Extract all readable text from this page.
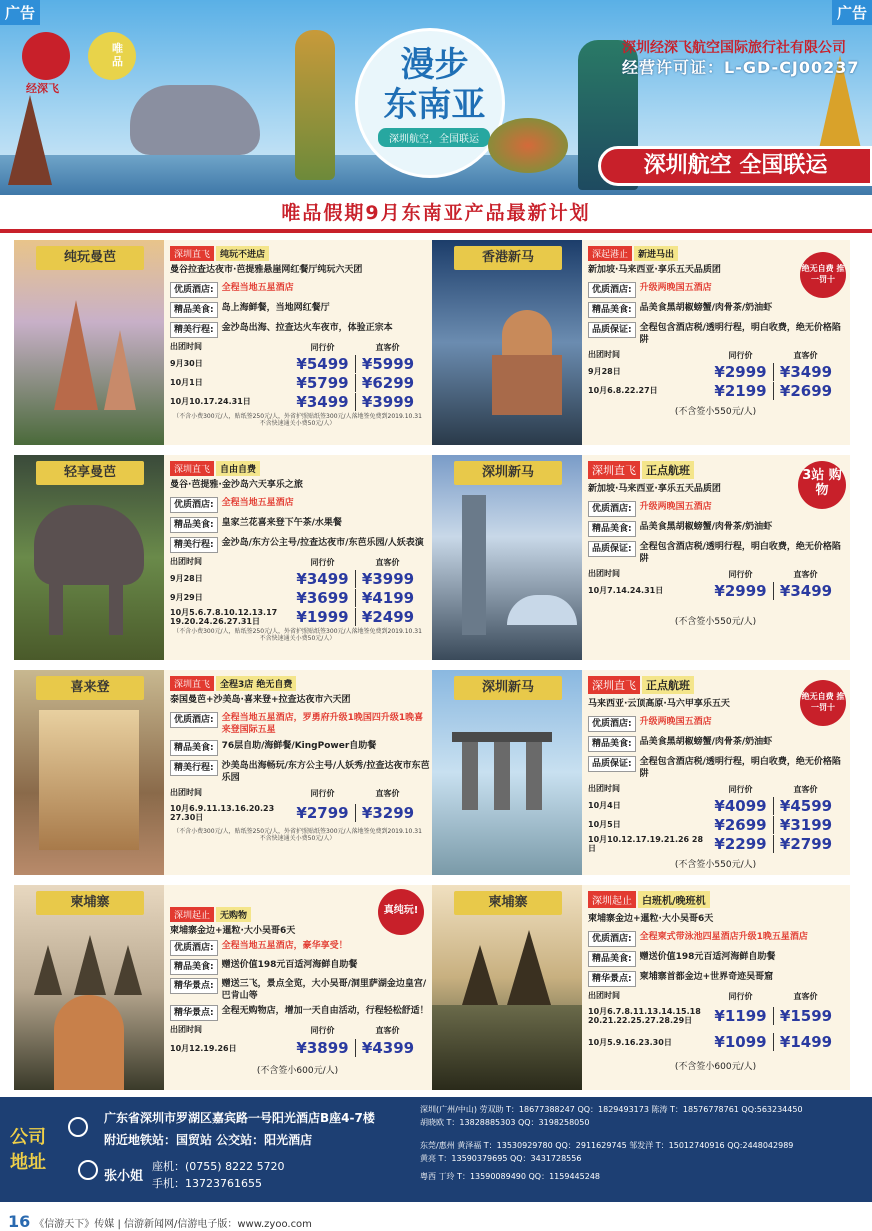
广告	广告
经深飞
唯品	漫步
东南亚
深圳航空，全国联运
深圳经深飞航空国际旅行社有限公司
经营许可证：L-GD-CJ00237
深圳航空 全国联运
唯品假期9月东南亚产品最新计划
纯玩曼芭	深圳直飞 纯玩不进店
曼谷拉查达夜市·芭提雅悬崖网红餐厅纯玩六天团
优质酒店: 全程当地五星酒店
精品美食: 岛上海鲜餐，当地网红餐厅
精美行程: 金沙岛出海、拉查达火车夜市，体验正宗本
出团时间	同行价	直客价
9月30日	¥5499 ¥5999
10月1日	¥5799 ¥6299
10月10.17.24.31日	¥3499 ¥3999
（不含小费300元/人，贴纸签250元/人，外省护照贴纸签300元/人落地签免费到2019.10.31 不含快速通关小费50元/人）
香港新马	深起港止 新进马出
新加坡·马来西亚·享乐五天品质团
优质酒店: 升级两晚国五酒店
精品美食: 品美食黑胡椒螃蟹/肉骨茶/奶油虾
品质保证: 全程包含酒店税/透明行程，明白收费，绝无价格陷阱
出团时间	同行价	直客价
9月28日	¥2999 ¥3499
10月6.8.22.27日	¥2199 ¥2699
(不含签小550元/人)
绝无自费 推一罚十
轻享曼芭	深圳直飞 自由自费
曼谷·芭提雅·金沙岛六天享乐之旅
优质酒店: 全程当地五星酒店
精品美食: 皇家兰花喜来登下午茶/水果餐
精美行程: 金沙岛/东方公主号/拉查达夜市/东芭乐园/人妖表演
出团时间	同行价	直客价
9月28日	¥3499 ¥3999
9月29日	¥3699 ¥4199
10月5.6.7.8.10.12.13.17 19.20.24.26.27.31日	¥1999 ¥2499
（不含小费300元/人，贴纸签250元/人，外省护照贴纸签300元/人落地签免费到2019.10.31 不含快速通关小费50元/人）
深圳新马	深圳直飞 正点航班
新加坡·马来西亚·享乐五天品质团
优质酒店: 升级两晚国五酒店
精品美食: 品美食黑胡椒螃蟹/肉骨茶/奶油虾
品质保证: 全程包含酒店税/透明行程，明白收费，绝无价格陷阱
出团时间	同行价	直客价
10月7.14.24.31日	¥2999 ¥3499
(不含签小550元/人)
3站 购物
喜来登	深圳直飞 全程3店 绝无自费
泰国曼芭+沙美岛·喜来登+拉查达夜市六天团
优质酒店: 全程当地五星酒店，罗勇府升级1晚国四升级1晚喜来登国际五星
精品美食: 76层自助/海鲜餐/KingPower自助餐
精美行程: 沙美岛出海畅玩/东方公主号/人妖秀/拉查达夜市东芭乐园
出团时间	同行价	直客价
10月6.9.11.13.16.20.23 27.30日	¥2799 ¥3299
（不含小费300元/人，贴纸签250元/人，外省护照贴纸签300元/人落地签免费到2019.10.31 不含快速通关小费50元/人）
深圳新马	深圳直飞 正点航班
马来西亚·云顶高原·马六甲享乐五天
优质酒店: 升级两晚国五酒店
精品美食: 品美食黑胡椒螃蟹/肉骨茶/奶油虾
品质保证: 全程包含酒店税/透明行程，明白收费，绝无价格陷阱
出团时间	同行价	直客价
10月4日	¥4099 ¥4599
10月5日	¥2699 ¥3199
10月10.12.17.19.21.26 28日	¥2299 ¥2799
(不含签小550元/人)
绝无自费 推一罚十
柬埔寨
深圳起止 无购物
柬埔寨金边+暹粒·大小吴哥6天
优质酒店: 全程当地五星酒店，豪华享受！
精品美食: 赠送价值198元百适河海鲜自助餐
精华景点: 赠送三飞，景点全览，大小吴哥/洞里萨湖金边皇宫/巴肯山等
精华景点: 全程无购物店，增加一天自由活动，行程轻松舒适！
出团时间	同行价	直客价
10月12.19.26日	¥3899 ¥4399
(不含签小600元/人)
真纯玩!
柬埔寨	深圳起止 白班机/晚班机
柬埔寨金边+暹粒·大小吴哥6天
优质酒店: 全程柬式带泳池四星酒店升级1晚五星酒店
精品美食: 赠送价值198元百适河海鲜自助餐
精华景点: 柬埔寨首都金边+世界奇迹吴哥窟
出团时间	同行价	直客价
10月6.7.8.11.13.14.15.18 20.21.22.25.27.28.29日	¥1199 ¥1599
10月5.9.16.23.30日	¥1099 ¥1499
(不含签小600元/人)
公司地址
广东省深圳市罗湖区嘉宾路一号阳光酒店B座4-7楼
附近地铁站：国贸站 公交站：阳光酒店
张小姐
座机：(0755) 8222 5720
手机：13723761655
深圳(广州/中山) 劳双助 T：18677388247 QQ：1829493173 陈涛 T：18576778761 QQ:563234450
胡晓欧 T：13828885303 QQ：3198258050
东莞/惠州 黄泽福 T：13530929780 QQ：2911629745 邹发洋 T：15012740916 QQ:2448042989
黄亮 T：13590379695 QQ：3431728556
粤西 丁玲 T：13590089490 QQ：1159445248
16 《信游天下》传媒 | 信游新闻网/信游电子版：www.zyoo.com
